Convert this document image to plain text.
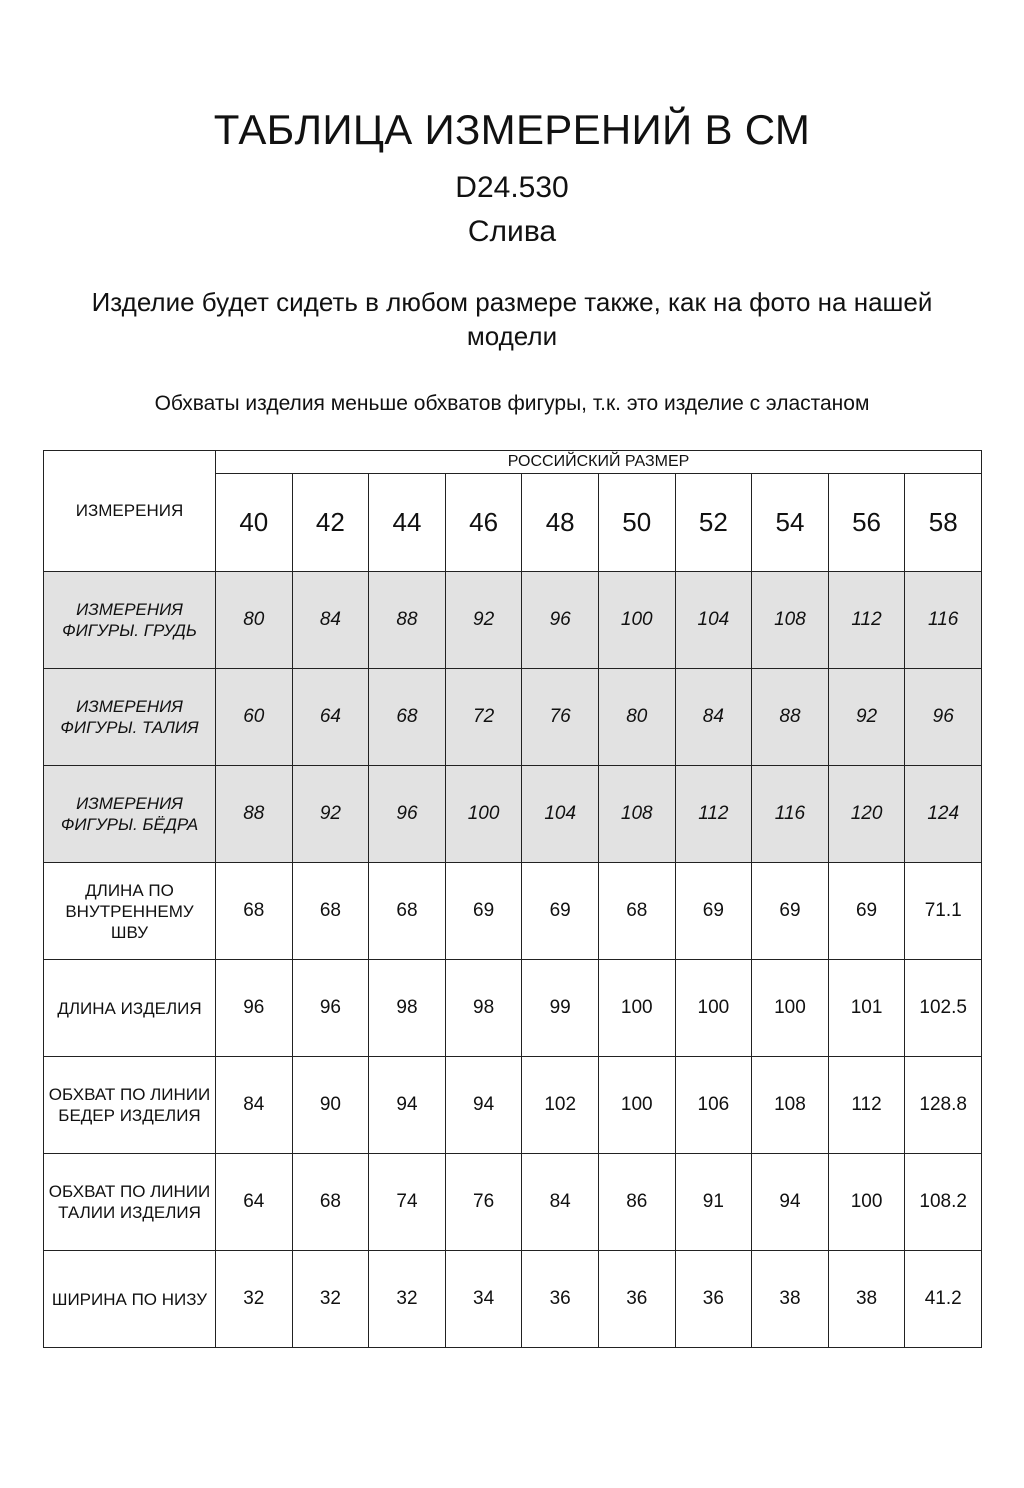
ТАБЛИЦА ИЗМЕРЕНИЙ В СМ
D24.530
Слива
Изделие будет сидеть в любом размере также, как на фото на нашей модели
Обхваты изделия меньше обхватов фигуры, т.к. это изделие с эластаном
ИЗМЕРЕНИЯ	РОССИЙСКИЙ РАЗМЕР									
	40	42	44	46	48	50	52	54	56	58
ИЗМЕРЕНИЯ ФИГУРЫ. ГРУДЬ	80	84	88	92	96	100	104	108	112	116
ИЗМЕРЕНИЯ ФИГУРЫ. ТАЛИЯ	60	64	68	72	76	80	84	88	92	96
ИЗМЕРЕНИЯ ФИГУРЫ. БЁДРА	88	92	96	100	104	108	112	116	120	124
ДЛИНА ПО ВНУТРЕННЕМУ ШВУ	68	68	68	69	69	68	69	69	69	71.1
ДЛИНА ИЗДЕЛИЯ	96	96	98	98	99	100	100	100	101	102.5
ОБХВАТ ПО ЛИНИИ БЕДЕР ИЗДЕЛИЯ	84	90	94	94	102	100	106	108	112	128.8
ОБХВАТ ПО ЛИНИИ ТАЛИИ ИЗДЕЛИЯ	64	68	74	76	84	86	91	94	100	108.2
ШИРИНА ПО НИЗУ	32	32	32	34	36	36	36	38	38	41.2
